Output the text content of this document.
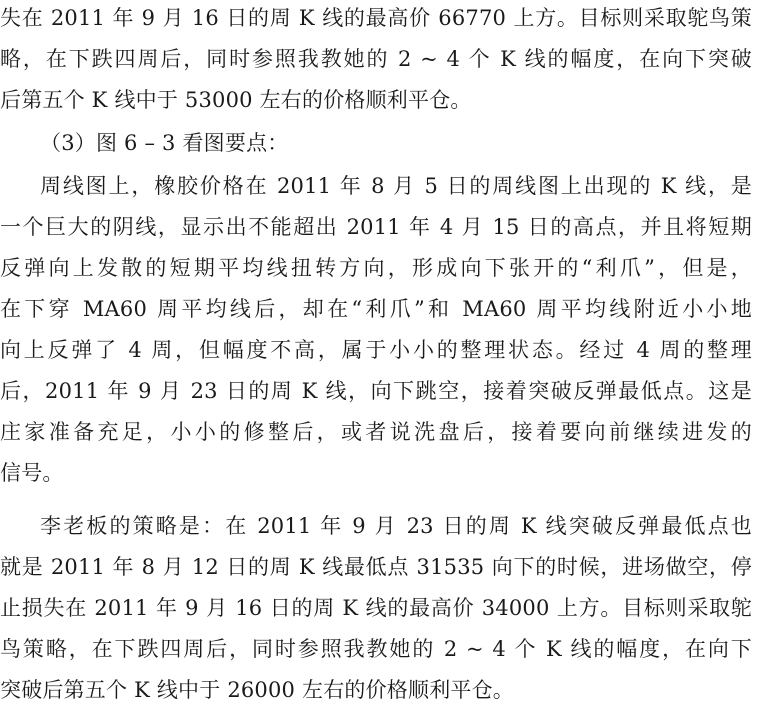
失在 2011 年 9 月 16 日的周 K 线的最高价 66770 上方。目标则采取鸵鸟策
略，在下跌四周后，同时参照我教她的 2 ~ 4 个 K 线的幅度，在向下突破
后第五个 K 线中于 53000 左右的价格顺利平仓。
（3）图 6 – 3 看图要点：
周线图上，橡胶价格在 2011 年 8 月 5 日的周线图上出现的 K 线，是
一个巨大的阴线，显示出不能超出 2011 年 4 月 15 日的高点，并且将短期
反弹向上发散的短期平均线扭转方向，形成向下张开的“利爪”，但是，
在下穿 MA60 周平均线后，却在“利爪”和 MA60 周平均线附近小小地
向上反弹了 4 周，但幅度不高，属于小小的整理状态。经过 4 周的整理
后，2011 年 9 月 23 日的周 K 线，向下跳空，接着突破反弹最低点。这是
庄家准备充足，小小的修整后，或者说洗盘后，接着要向前继续进发的
信号。
李老板的策略是：在 2011 年 9 月 23 日的周 K 线突破反弹最低点也
就是 2011 年 8 月 12 日的周 K 线最低点 31535 向下的时候，进场做空，停
止损失在 2011 年 9 月 16 日的周 K 线的最高价 34000 上方。目标则采取鸵
鸟策略，在下跌四周后，同时参照我教她的 2 ~ 4 个 K 线的幅度，在向下
突破后第五个 K 线中于 26000 左右的价格顺利平仓。
